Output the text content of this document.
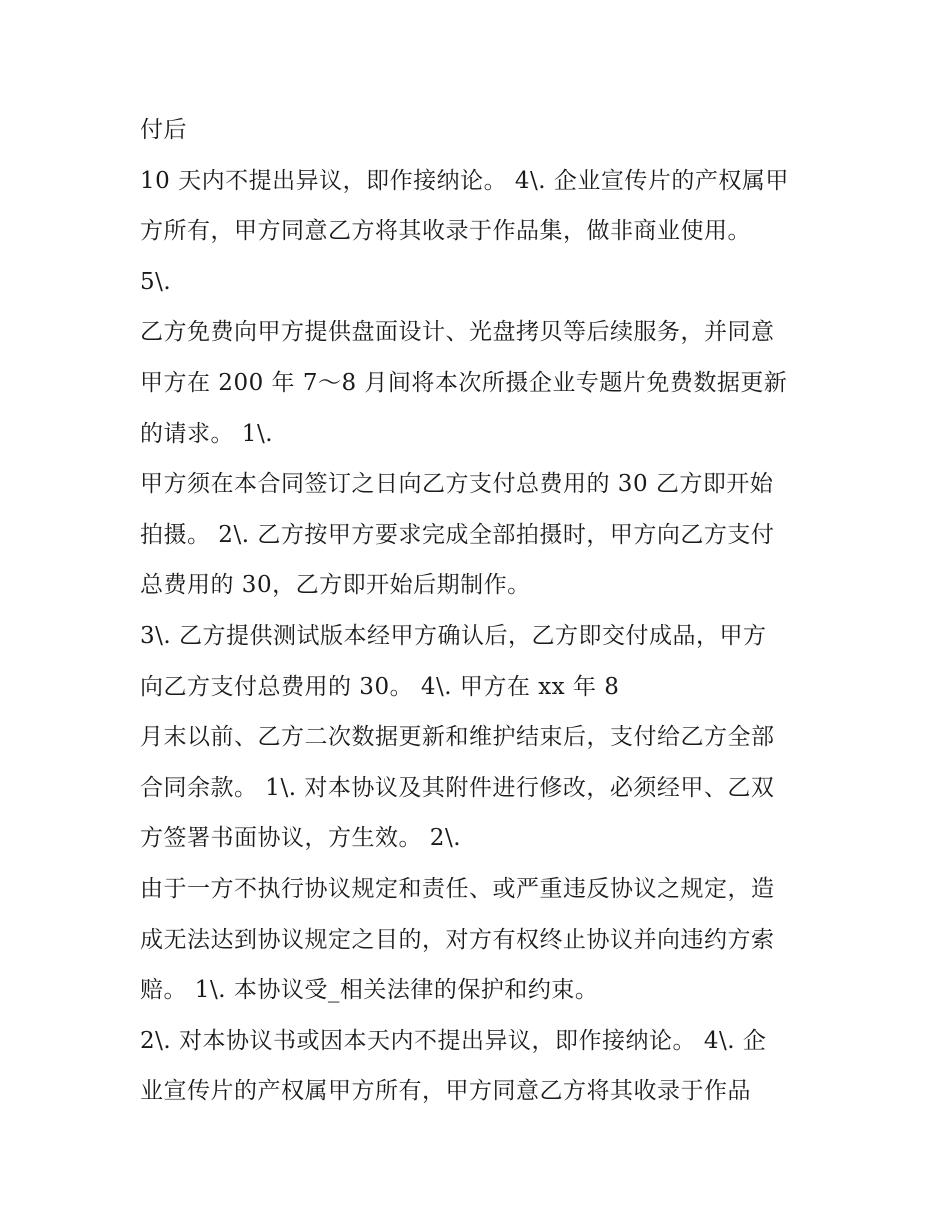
付后
10 天内不提出异议，即作接纳论。 4\. 企业宣传片的产权属甲
方所有，甲方同意乙方将其收录于作品集，做非商业使用。
5\.
乙方免费向甲方提供盘面设计、光盘拷贝等后续服务，并同意
甲方在 200 年 7～8 月间将本次所摄企业专题片免费数据更新
的请求。 1\.
甲方须在本合同签订之日向乙方支付总费用的 30 乙方即开始
拍摄。 2\. 乙方按甲方要求完成全部拍摄时，甲方向乙方支付
总费用的 30，乙方即开始后期制作。
3\. 乙方提供测试版本经甲方确认后，乙方即交付成品，甲方
向乙方支付总费用的 30。 4\. 甲方在 xx 年 8
月末以前、乙方二次数据更新和维护结束后，支付给乙方全部
合同余款。 1\. 对本协议及其附件进行修改，必须经甲、乙双
方签署书面协议，方生效。 2\.
由于一方不执行协议规定和责任、或严重违反协议之规定，造
成无法达到协议规定之目的，对方有权终止协议并向违约方索
赔。 1\. 本协议受_相关法律的保护和约束。
2\. 对本协议书或因本天内不提出异议，即作接纳论。 4\. 企
业宣传片的产权属甲方所有，甲方同意乙方将其收录于作品
